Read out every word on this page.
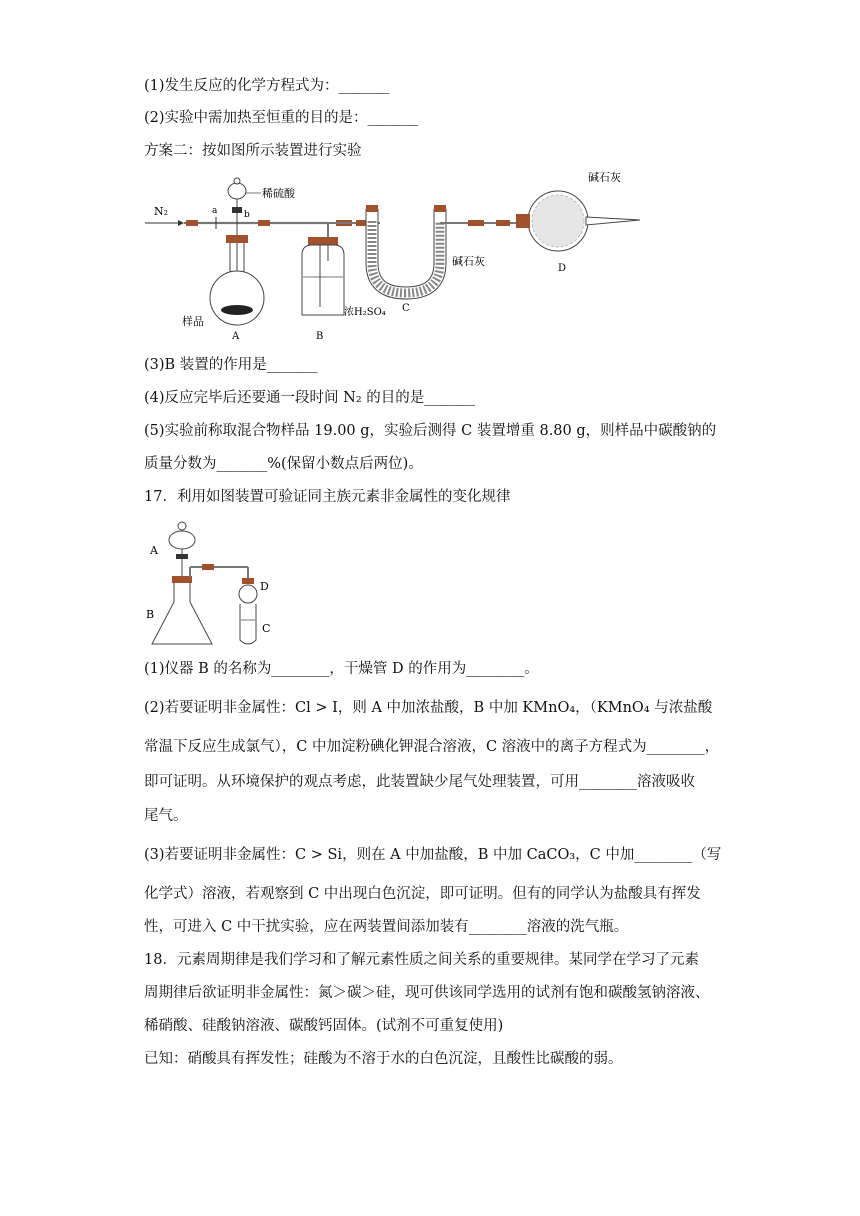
(1)发生反应的化学方程式为：_______
(2)实验中需加热至恒重的目的是：_______
方案二：按如图所示装置进行实验
N₂	a
稀硫酸
b
样品
A	B
浓H₂SO₄
碱石灰
C
碱石灰
D
(3)B 装置的作用是_______
(4)反应完毕后还要通一段时间 N₂ 的目的是_______
(5)实验前称取混合物样品 19.00 g，实验后测得 C 装置增重 8.80 g，则样品中碳酸钠的
质量分数为_______%(保留小数点后两位)。
17．利用如图装置可验证同主族元素非金属性的变化规律
A
B
D
C
(1)仪器 B 的名称为________，干燥管 D 的作用为________。
(2)若要证明非金属性：Cl > I，则 A 中加浓盐酸，B 中加 KMnO₄，（KMnO₄ 与浓盐酸
常温下反应生成氯气），C 中加淀粉碘化钾混合溶液，C 溶液中的离子方程式为________，
即可证明。从环境保护的观点考虑，此装置缺少尾气处理装置，可用________溶液吸收
尾气。
(3)若要证明非金属性：C > Si，则在 A 中加盐酸，B 中加 CaCO₃，C 中加________（写
化学式）溶液，若观察到 C 中出现白色沉淀，即可证明。但有的同学认为盐酸具有挥发
性，可进入 C 中干扰实验，应在两装置间添加装有________溶液的洗气瓶。
18．元素周期律是我们学习和了解元素性质之间关系的重要规律。某同学在学习了元素
周期律后欲证明非金属性：氮＞碳＞硅，现可供该同学选用的试剂有饱和碳酸氢钠溶液、
稀硝酸、硅酸钠溶液、碳酸钙固体。(试剂不可重复使用)
已知：硝酸具有挥发性；硅酸为不溶于水的白色沉淀，且酸性比碳酸的弱。
